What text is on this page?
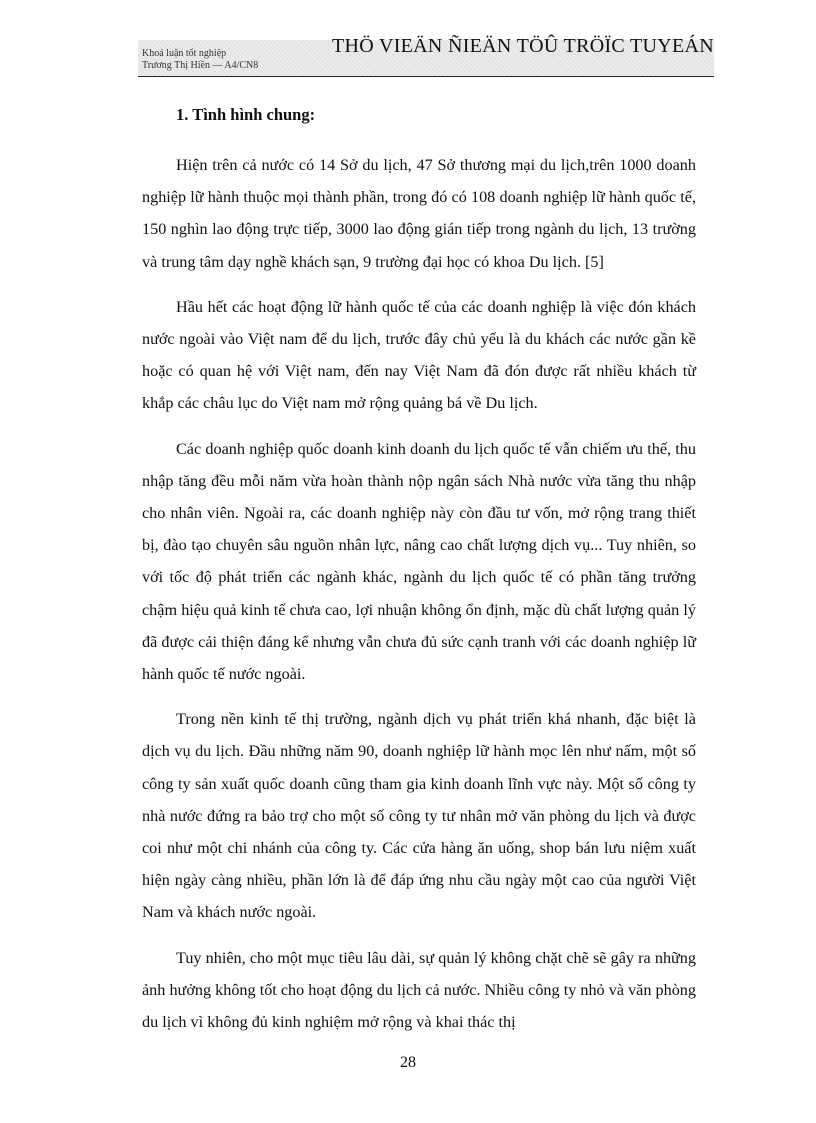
Khoá luận tốt nghiệp
Trương Thị Hiền — A4/CN8
THÖ VIEÄN ÑIEÄN TÖÛ TRÖÏC TUYEÁN
1. Tình hình chung:

Hiện trên cả nước có 14 Sở du lịch, 47 Sở thương mại du lịch,trên 1000 doanh nghiệp lữ hành thuộc mọi thành phần, trong đó có 108 doanh nghiệp lữ hành quốc tế, 150 nghìn lao động trực tiếp, 3000 lao động gián tiếp trong ngành du lịch, 13 trường và trung tâm dạy nghề khách sạn, 9 trường đại học có khoa Du lịch. [5]

Hầu hết các hoạt động lữ hành quốc tế của các doanh nghiệp là việc đón khách nước ngoài vào Việt nam để du lịch, trước đây chủ yếu là du khách các nước gần kề hoặc có quan hệ với Việt nam, đến nay Việt Nam đã đón được rất nhiều khách từ khắp các châu lục do Việt nam mở rộng quảng bá về Du lịch.

Các doanh nghiệp quốc doanh kinh doanh du lịch quốc tế vẫn chiếm ưu thế, thu nhập tăng đều mỗi năm vừa hoàn thành nộp ngân sách Nhà nước vừa tăng thu nhập cho nhân viên. Ngoài ra, các doanh nghiệp này còn đầu tư vốn, mở rộng trang thiết bị, đào tạo chuyên sâu nguồn nhân lực, nâng cao chất lượng dịch vụ... Tuy nhiên, so với tốc độ phát triển các ngành khác, ngành du lịch quốc tế có phần tăng trưởng chậm hiệu quả kinh tế chưa cao, lợi nhuận không ổn định, mặc dù chất lượng quản lý đã được cải thiện đáng kể nhưng vẫn chưa đủ sức cạnh tranh với các doanh nghiệp lữ hành quốc tế nước ngoài.

Trong nền kinh tế thị trường, ngành dịch vụ phát triển khá nhanh, đặc biệt là dịch vụ du lịch. Đầu những năm 90, doanh nghiệp lữ hành mọc lên như nấm, một số công ty sản xuất quốc doanh cũng tham gia kinh doanh lĩnh vực này. Một số công ty nhà nước đứng ra bảo trợ cho một số công ty tư nhân mở văn phòng du lịch và được coi như một chi nhánh của công ty. Các cửa hàng ăn uống, shop bán lưu niệm xuất hiện ngày càng nhiều, phần lớn là để đáp ứng nhu cầu ngày một cao của người Việt Nam và khách nước ngoài.

Tuy nhiên, cho một mục tiêu lâu dài, sự quản lý không chặt chẽ sẽ gây ra những ảnh hưởng không tốt cho hoạt động du lịch cả nước. Nhiều công ty nhỏ và văn phòng du lịch vì không đủ kinh nghiệm mở rộng và khai thác thị

28
